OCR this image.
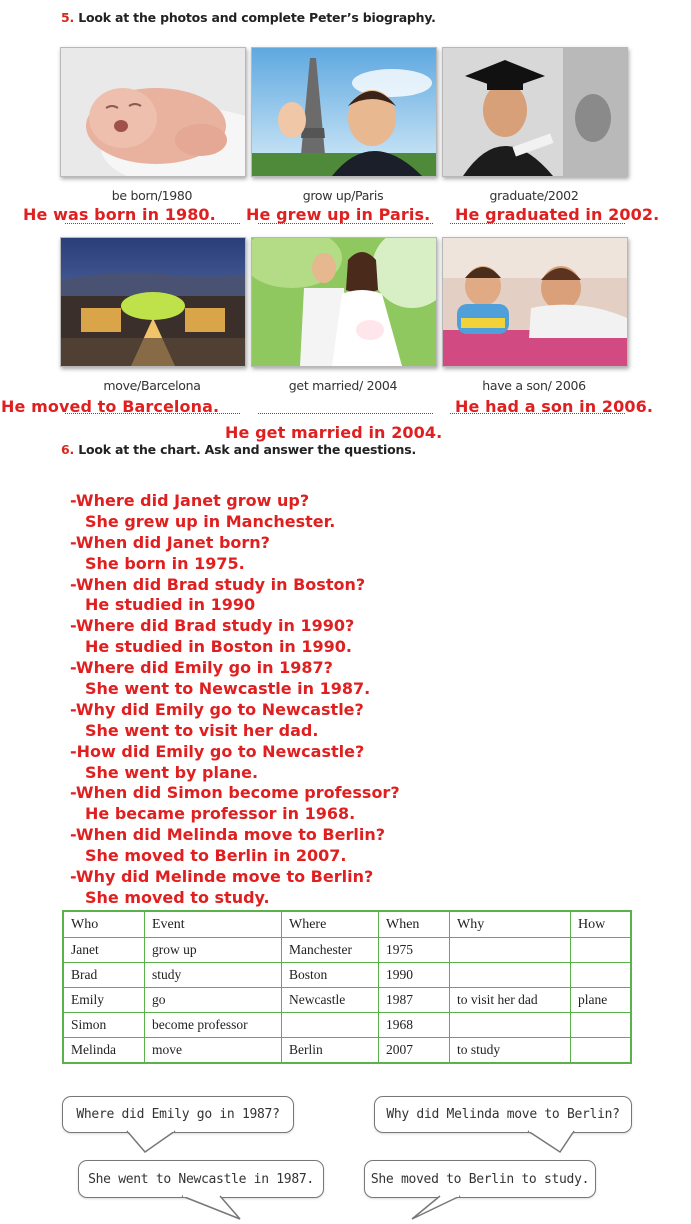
5. Look at the photos and complete Peter’s biography.
be born/1980	grow up/Paris	graduate/2002
He was born in 1980. He grew up in Paris. He graduated in 2002.
move/Barcelona	get married/ 2004	have a son/ 2006
He moved to Barcelona.	He had a son in 2006.
He get married in 2004.
6. Look at the chart. Ask and answer the questions.
-Where did Janet grow up?
She grew up in Manchester.
-When did Janet born?
She born in 1975.
-When did Brad study in Boston?
He studied in 1990
-Where did Brad study in 1990?
He studied in Boston in 1990.
-Where did Emily go in 1987?
She went to Newcastle in 1987.
-Why did Emily go to Newcastle?
She went to visit her dad.
-How did Emily go to Newcastle?
She went by plane.
-When did Simon become professor?
He became professor in 1968.
-When did Melinda move to Berlin?
She moved to Berlin in 2007.
-Why did Melinde move to Berlin?
She moved to study.
Who	Event	Where	When	Why	How
Janet	grow up	Manchester	1975		
Brad	study	Boston	1990		
Emily	go	Newcastle	1987	to visit her dad	plane
Simon	become professor		1968		
Melinda	move	Berlin	2007	to study	
Where did Emily go in 1987?	Why did Melinda move to Berlin?
She went to Newcastle in 1987.	She moved to Berlin to study.
